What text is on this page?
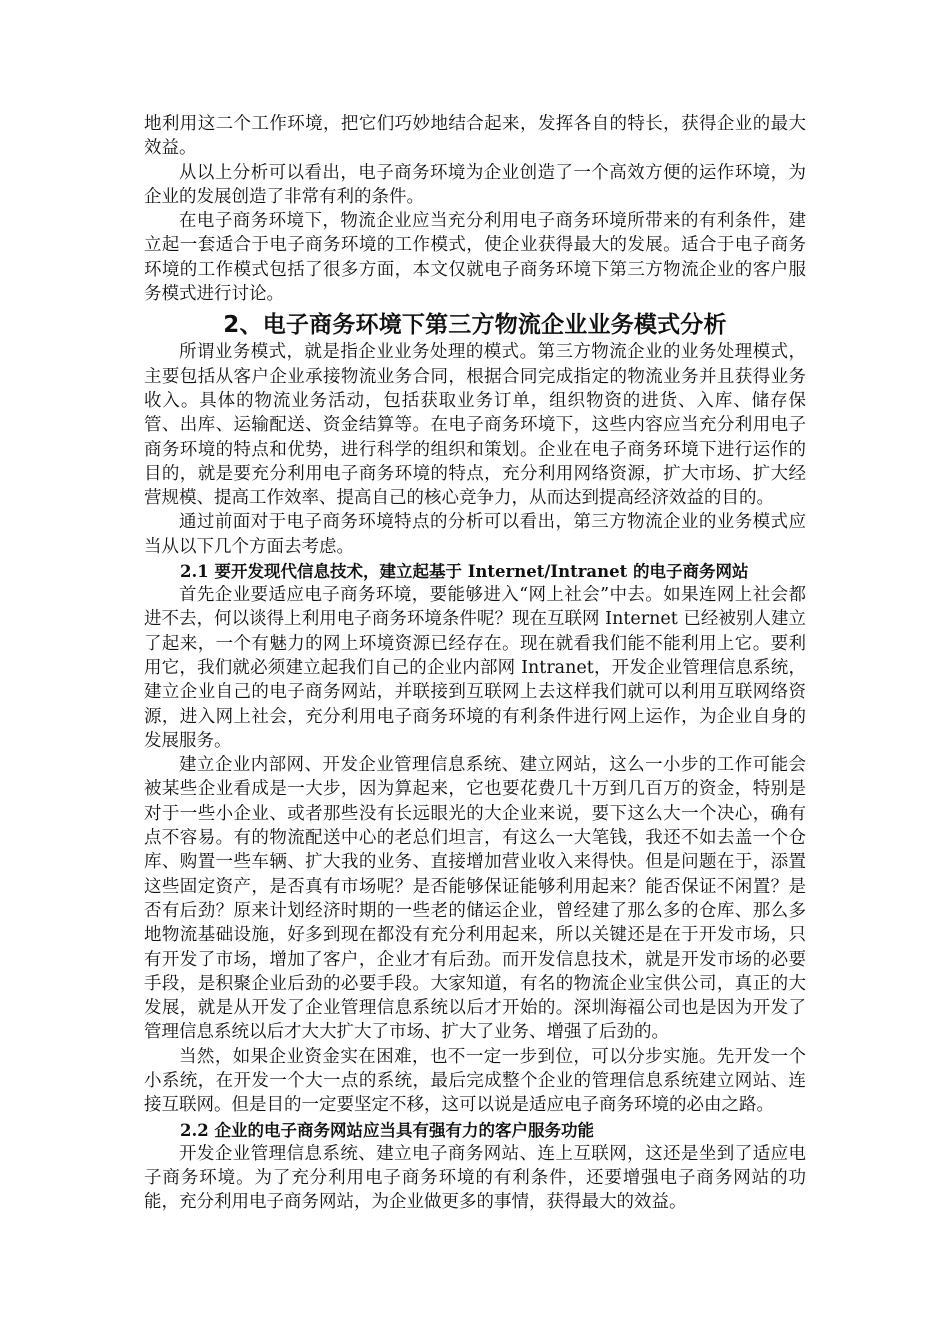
地利用这二个工作环境，把它们巧妙地结合起来，发挥各自的特长，获得企业的最大效益。

从以上分析可以看出，电子商务环境为企业创造了一个高效方便的运作环境，为企业的发展创造了非常有利的条件。

在电子商务环境下，物流企业应当充分利用电子商务环境所带来的有利条件，建立起一套适合于电子商务环境的工作模式，使企业获得最大的发展。适合于电子商务环境的工作模式包括了很多方面，本文仅就电子商务环境下第三方物流企业的客户服务模式进行讨论。

2、电子商务环境下第三方物流企业业务模式分析

所谓业务模式，就是指企业业务处理的模式。第三方物流企业的业务处理模式，主要包括从客户企业承接物流业务合同，根据合同完成指定的物流业务并且获得业务收入。具体的物流业务活动，包括获取业务订单，组织物资的进货、入库、储存保管、出库、运输配送、资金结算等。在电子商务环境下，这些内容应当充分利用电子商务环境的特点和优势，进行科学的组织和策划。企业在电子商务环境下进行运作的目的，就是要充分利用电子商务环境的特点，充分利用网络资源，扩大市场、扩大经营规模、提高工作效率、提高自己的核心竞争力，从而达到提高经济效益的目的。

通过前面对于电子商务环境特点的分析可以看出，第三方物流企业的业务模式应当从以下几个方面去考虑。

2.1 要开发现代信息技术，建立起基于 Internet/Intranet 的电子商务网站

首先企业要适应电子商务环境，要能够进入“网上社会”中去。如果连网上社会都进不去，何以谈得上利用电子商务环境条件呢？现在互联网 Internet 已经被别人建立了起来，一个有魅力的网上环境资源已经存在。现在就看我们能不能利用上它。要利用它，我们就必须建立起我们自己的企业内部网 Intranet，开发企业管理信息系统，建立企业自己的电子商务网站，并联接到互联网上去这样我们就可以利用互联网络资源，进入网上社会，充分利用电子商务环境的有利条件进行网上运作，为企业自身的发展服务。

建立企业内部网、开发企业管理信息系统、建立网站，这么一小步的工作可能会被某些企业看成是一大步，因为算起来，它也要花费几十万到几百万的资金，特别是对于一些小企业、或者那些没有长远眼光的大企业来说，要下这么大一个决心，确有点不容易。有的物流配送中心的老总们坦言，有这么一大笔钱，我还不如去盖一个仓库、购置一些车辆、扩大我的业务、直接增加营业收入来得快。但是问题在于，添置这些固定资产，是否真有市场呢？是否能够保证能够利用起来？能否保证不闲置？是否有后劲？原来计划经济时期的一些老的储运企业，曾经建了那么多的仓库、那么多地物流基础设施，好多到现在都没有充分利用起来，所以关键还是在于开发市场，只有开发了市场，增加了客户，企业才有后劲。而开发信息技术，就是开发市场的必要手段，是积聚企业后劲的必要手段。大家知道，有名的物流企业宝供公司，真正的大发展，就是从开发了企业管理信息系统以后才开始的。深圳海福公司也是因为开发了管理信息系统以后才大大扩大了市场、扩大了业务、增强了后劲的。

当然，如果企业资金实在困难，也不一定一步到位，可以分步实施。先开发一个小系统，在开发一个大一点的系统，最后完成整个企业的管理信息系统建立网站、连接互联网。但是目的一定要坚定不移，这可以说是适应电子商务环境的必由之路。

2.2 企业的电子商务网站应当具有强有力的客户服务功能

开发企业管理信息系统、建立电子商务网站、连上互联网，这还是坐到了适应电子商务环境。为了充分利用电子商务环境的有利条件，还要增强电子商务网站的功能，充分利用电子商务网站，为企业做更多的事情，获得最大的效益。
